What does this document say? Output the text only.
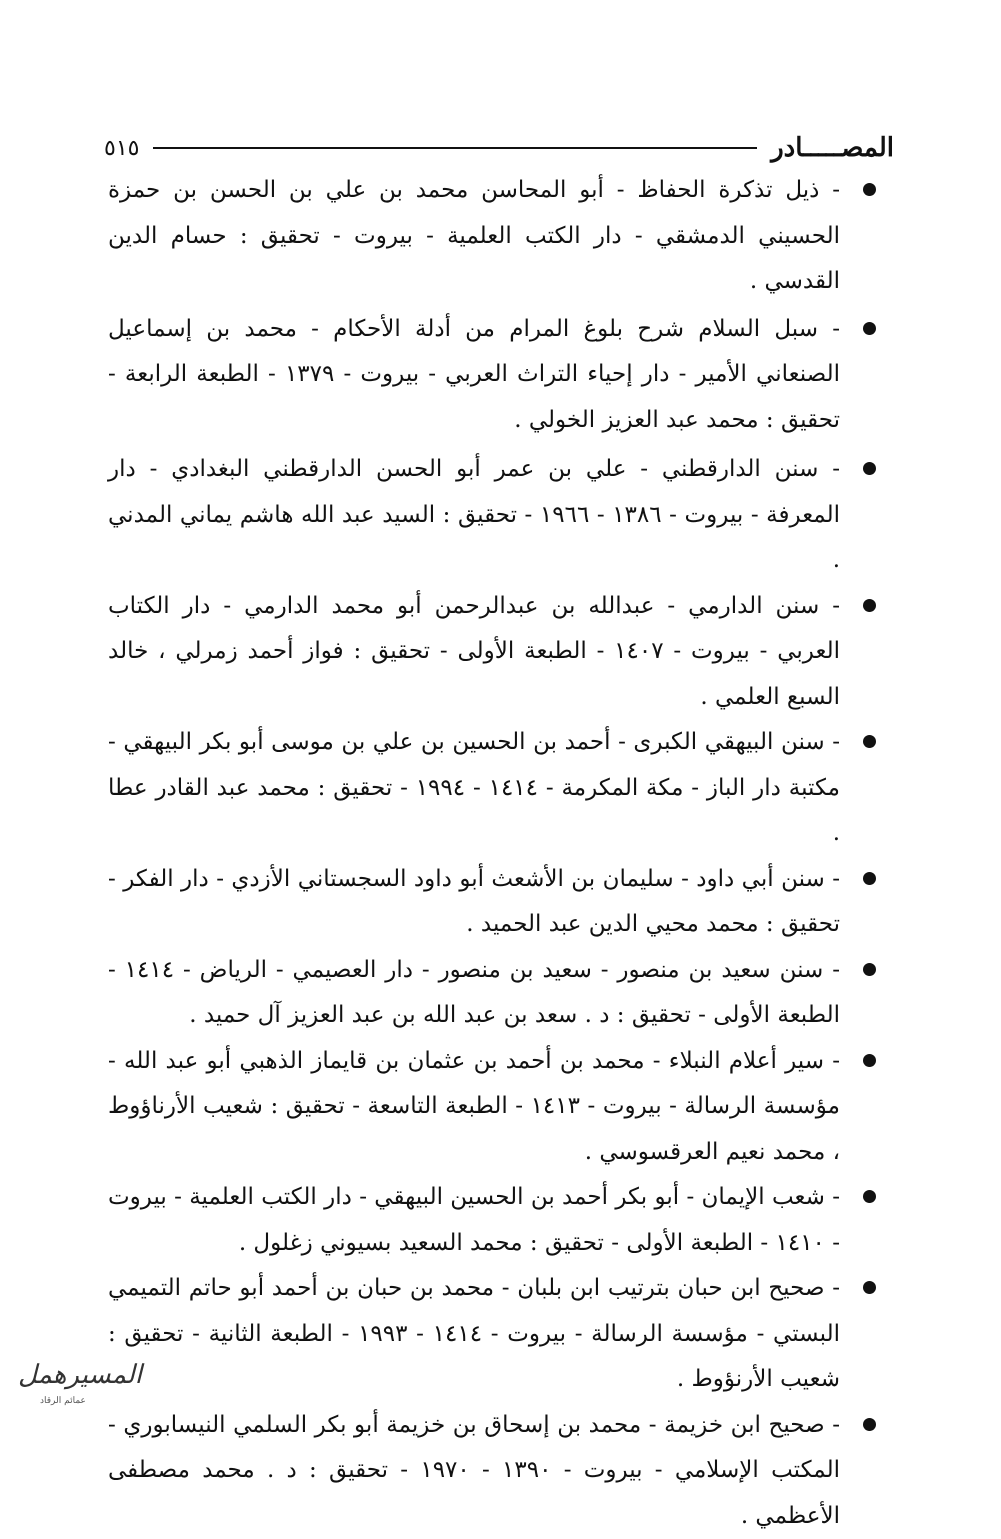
المصـــــادر
٥١٥
- ذيل تذكرة الحفاظ - أبو المحاسن محمد بن علي بن الحسن بن حمزة الحسيني الدمشقي - دار الكتب العلمية - بيروت - تحقيق : حسام الدين القدسي .
- سبل السلام شرح بلوغ المرام من أدلة الأحكام - محمد بن إسماعيل الصنعاني الأمير - دار إحياء التراث العربي - بيروت - ١٣٧٩ - الطبعة الرابعة - تحقيق : محمد عبد العزيز الخولي .
- سنن الدارقطني - علي بن عمر أبو الحسن الدارقطني البغدادي - دار المعرفة - بيروت - ١٣٨٦ - ١٩٦٦ - تحقيق : السيد عبد الله هاشم يماني المدني .
- سنن الدارمي - عبدالله بن عبدالرحمن أبو محمد الدارمي - دار الكتاب العربي - بيروت - ١٤٠٧ - الطبعة الأولى - تحقيق : فواز أحمد زمرلي ، خالد السبع العلمي .
- سنن البيهقي الكبرى - أحمد بن الحسين بن علي بن موسى أبو بكر البيهقي - مكتبة دار الباز - مكة المكرمة - ١٤١٤ - ١٩٩٤ - تحقيق : محمد عبد القادر عطا .
- سنن أبي داود - سليمان بن الأشعث أبو داود السجستاني الأزدي - دار الفكر - تحقيق : محمد محيي الدين عبد الحميد .
- سنن سعيد بن منصور - سعيد بن منصور - دار العصيمي - الرياض - ١٤١٤ - الطبعة الأولى - تحقيق : د . سعد بن عبد الله بن عبد العزيز آل حميد .
- سير أعلام النبلاء - محمد بن أحمد بن عثمان بن قايماز الذهبي أبو عبد الله - مؤسسة الرسالة - بيروت - ١٤١٣ - الطبعة التاسعة - تحقيق : شعيب الأرناؤوط ، محمد نعيم العرقسوسي .
- شعب الإيمان - أبو بكر أحمد بن الحسين البيهقي - دار الكتب العلمية - بيروت - ١٤١٠ - الطبعة الأولى - تحقيق : محمد السعيد بسيوني زغلول .
- صحيح ابن حبان بترتيب ابن بلبان - محمد بن حبان بن أحمد أبو حاتم التميمي البستي - مؤسسة الرسالة - بيروت - ١٤١٤ - ١٩٩٣ - الطبعة الثانية - تحقيق : شعيب الأرنؤوط .
- صحيح ابن خزيمة - محمد بن إسحاق بن خزيمة أبو بكر السلمي النيسابوري - المكتب الإسلامي - بيروت - ١٣٩٠ - ١٩٧٠ - تحقيق : د . محمد مصطفى الأعظمي .
المسيرهمل
عمائم الرقاد
